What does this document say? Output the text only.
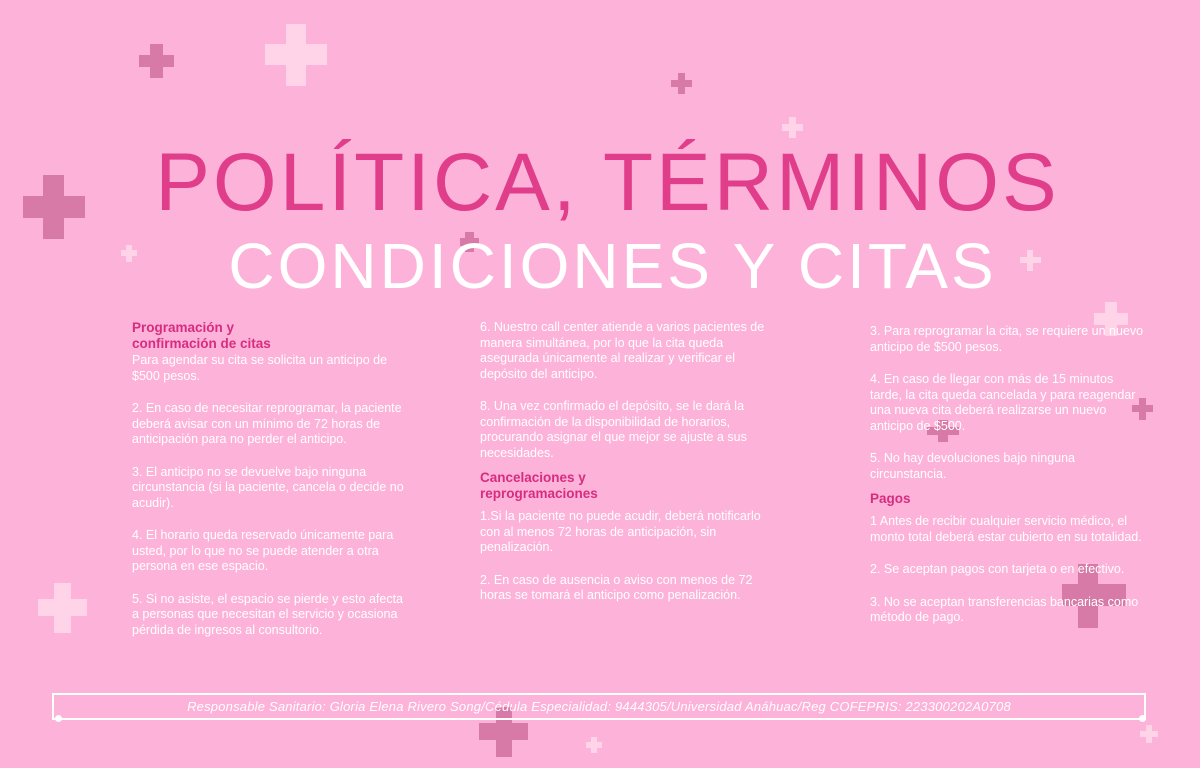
POLÍTICA, TÉRMINOS
CONDICIONES Y CITAS

Programación y
confirmación de citas

Para agendar su cita se solicita un anticipo de $500 pesos.

2. En caso de necesitar reprogramar, la paciente deberá avisar con un mínimo de 72 horas de anticipación para no perder el anticipo.

3. El anticipo no se devuelve bajo ninguna circunstancia (si la paciente, cancela o decide no acudir).

4. El horario queda reservado únicamente para usted, por lo que no se puede atender a otra persona en ese espacio.

5. Si no asiste, el espacio se pierde y esto afecta a personas que necesitan el servicio y ocasiona pérdida de ingresos al consultorio.

6. Nuestro call center atiende a varios pacientes de manera simultánea, por lo que la cita queda asegurada únicamente al realizar y verificar el depósito del anticipo.

8. Una vez confirmado el depósito, se le dará la confirmación de la disponibilidad de horarios, procurando asignar el que mejor se ajuste a sus necesidades.

Cancelaciones y
reprogramaciones

1.Si la paciente no puede acudir, deberá notificarlo con al menos 72 horas de anticipación, sin penalización.

2. En caso de ausencia o aviso con menos de 72 horas se tomará el anticipo como penalización.

3. Para reprogramar la cita, se requiere un nuevo anticipo de $500 pesos.

4. En caso de llegar con más de 15 minutos tarde, la cita queda cancelada y para reagendar una nueva cita deberá realizarse un nuevo anticipo de $500.

5. No hay devoluciones bajo ninguna circunstancia.

Pagos

1 Antes de recibir cualquier servicio médico, el monto total deberá estar cubierto en su totalidad.

2. Se aceptan pagos con tarjeta o en efectivo.

3. No se aceptan transferencias bancarias como método de pago.

Responsable Sanitario: Gloria Elena Rivero Song/Cédula Especialidad: 9444305/Universidad Anáhuac/Reg COFEPRIS: 223300202A0708
